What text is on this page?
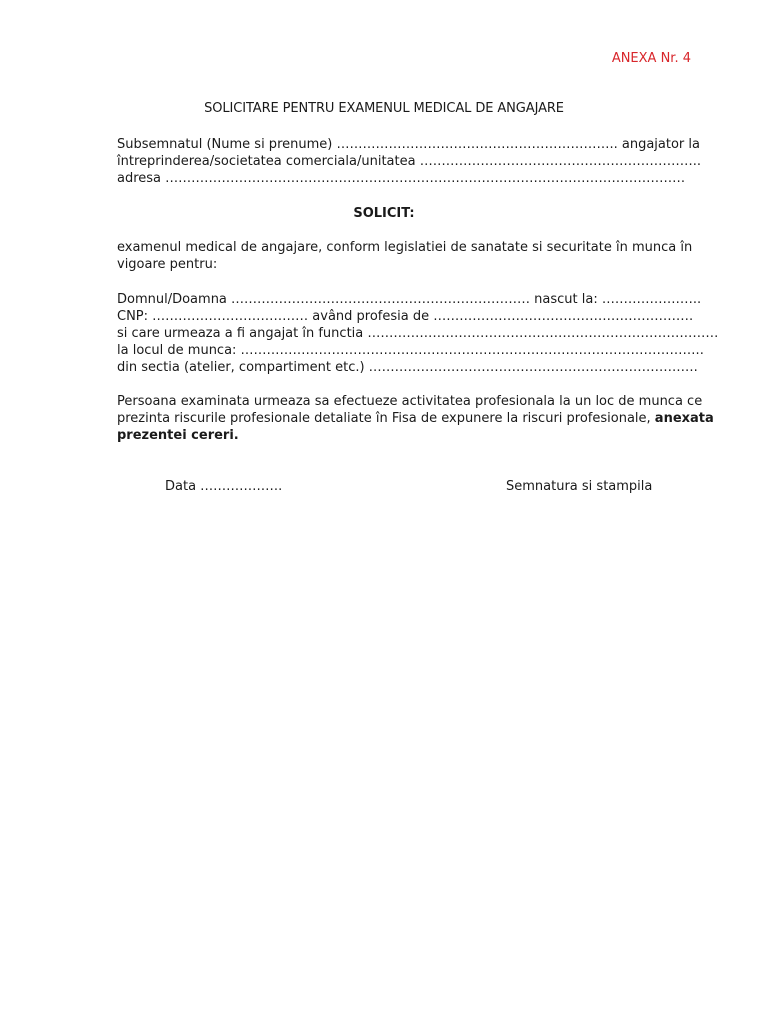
ANEXA Nr. 4
SOLICITARE PENTRU EXAMENUL MEDICAL DE ANGAJARE
Subsemnatul (Nume si prenume) ……………………………………………………….. angajator la
întreprinderea/societatea comerciala/unitatea ………………………………………………………..
adresa …………………………………………………………………………………………………………
SOLICIT:
examenul medical de angajare, conform legislatiei de sanatate si securitate în munca în
vigoare pentru:
Domnul/Doamna …………………………………………………………… nascut la: …………………..
CNP: ……………………………… având profesia de ……………………………………………………
si care urmeaza a fi angajat în functia ………………………………………………………………………
la locul de munca: ……………………………………………………………………………………………..
din sectia (atelier, compartiment etc.) ………………………………………………………………….
Persoana examinata urmeaza sa efectueze activitatea profesionala la un loc de munca ce
prezinta riscurile profesionale detaliate în Fisa de expunere la riscuri profesionale, anexata
prezentei cereri.
Data ……………….	Semnatura si stampila
